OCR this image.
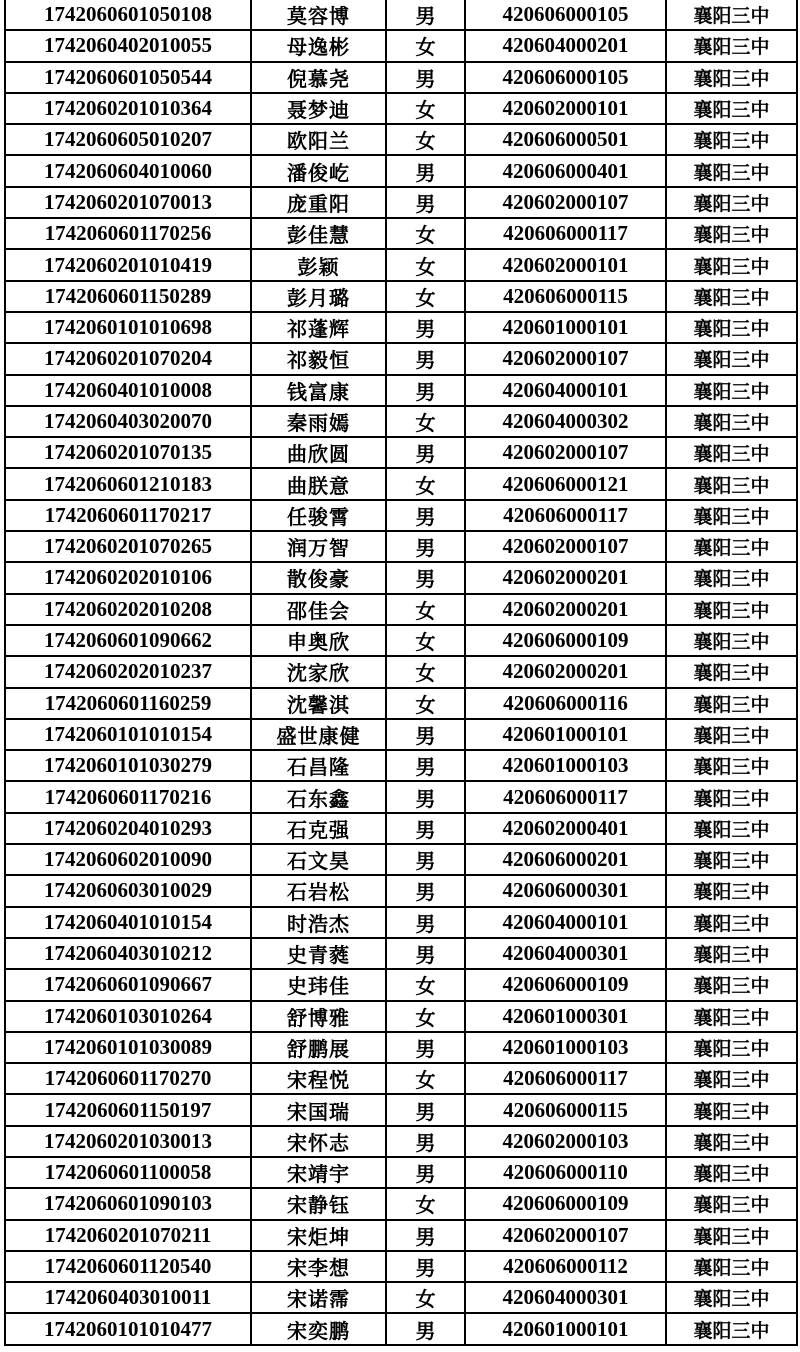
1742060601050108	莫容博	男	420606000105	襄阳三中
1742060402010055	母逸彬	女	420604000201	襄阳三中
1742060601050544	倪慕尧	男	420606000105	襄阳三中
1742060201010364	聂梦迪	女	420602000101	襄阳三中
1742060605010207	欧阳兰	女	420606000501	襄阳三中
1742060604010060	潘俊屹	男	420606000401	襄阳三中
1742060201070013	庞重阳	男	420602000107	襄阳三中
1742060601170256	彭佳慧	女	420606000117	襄阳三中
1742060201010419	彭颖	女	420602000101	襄阳三中
1742060601150289	彭月璐	女	420606000115	襄阳三中
1742060101010698	祁蓬辉	男	420601000101	襄阳三中
1742060201070204	祁毅恒	男	420602000107	襄阳三中
1742060401010008	钱富康	男	420604000101	襄阳三中
1742060403020070	秦雨嫣	女	420604000302	襄阳三中
1742060201070135	曲欣圆	男	420602000107	襄阳三中
1742060601210183	曲朕意	女	420606000121	襄阳三中
1742060601170217	任骏霄	男	420606000117	襄阳三中
1742060201070265	润万智	男	420602000107	襄阳三中
1742060202010106	散俊豪	男	420602000201	襄阳三中
1742060202010208	邵佳会	女	420602000201	襄阳三中
1742060601090662	申奥欣	女	420606000109	襄阳三中
1742060202010237	沈家欣	女	420602000201	襄阳三中
1742060601160259	沈馨淇	女	420606000116	襄阳三中
1742060101010154	盛世康健	男	420601000101	襄阳三中
1742060101030279	石昌隆	男	420601000103	襄阳三中
1742060601170216	石东鑫	男	420606000117	襄阳三中
1742060204010293	石克强	男	420602000401	襄阳三中
1742060602010090	石文昊	男	420606000201	襄阳三中
1742060603010029	石岩松	男	420606000301	襄阳三中
1742060401010154	时浩杰	男	420604000101	襄阳三中
1742060403010212	史青蕤	男	420604000301	襄阳三中
1742060601090667	史玮佳	女	420606000109	襄阳三中
1742060103010264	舒博雅	女	420601000301	襄阳三中
1742060101030089	舒鹏展	男	420601000103	襄阳三中
1742060601170270	宋程悦	女	420606000117	襄阳三中
1742060601150197	宋国瑞	男	420606000115	襄阳三中
1742060201030013	宋怀志	男	420602000103	襄阳三中
1742060601100058	宋靖宇	男	420606000110	襄阳三中
1742060601090103	宋静钰	女	420606000109	襄阳三中
1742060201070211	宋炬坤	男	420602000107	襄阳三中
1742060601120540	宋李想	男	420606000112	襄阳三中
1742060403010011	宋诺霈	女	420604000301	襄阳三中
1742060101010477	宋奕鹏	男	420601000101	襄阳三中
